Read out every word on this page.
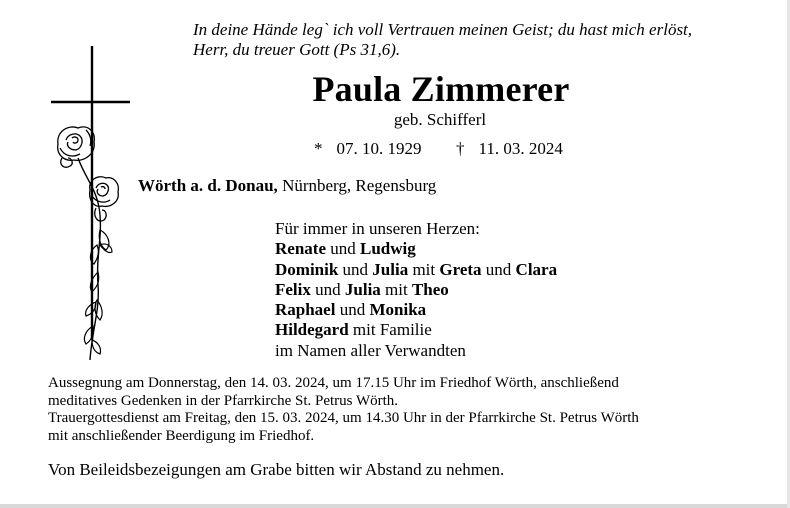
In deine Hände leg` ich voll Vertrauen meinen Geist; du hast mich erlöst,
Herr, du treuer Gott (Ps 31,6).
Paula Zimmerer
geb. Schifferl
* 07. 10. 1929 † 11. 03. 2024
Wörth a. d. Donau, Nürnberg, Regensburg
Für immer in unseren Herzen:
Renate und Ludwig
Dominik und Julia mit Greta und Clara
Felix und Julia mit Theo
Raphael und Monika
Hildegard mit Familie
im Namen aller Verwandten
Aussegnung am Donnerstag, den 14. 03. 2024, um 17.15 Uhr im Friedhof Wörth, anschließend
meditatives Gedenken in der Pfarrkirche St. Petrus Wörth.
Trauergottesdienst am Freitag, den 15. 03. 2024, um 14.30 Uhr in der Pfarrkirche St. Petrus Wörth
mit anschließender Beerdigung im Friedhof.
Von Beileidsbezeigungen am Grabe bitten wir Abstand zu nehmen.
